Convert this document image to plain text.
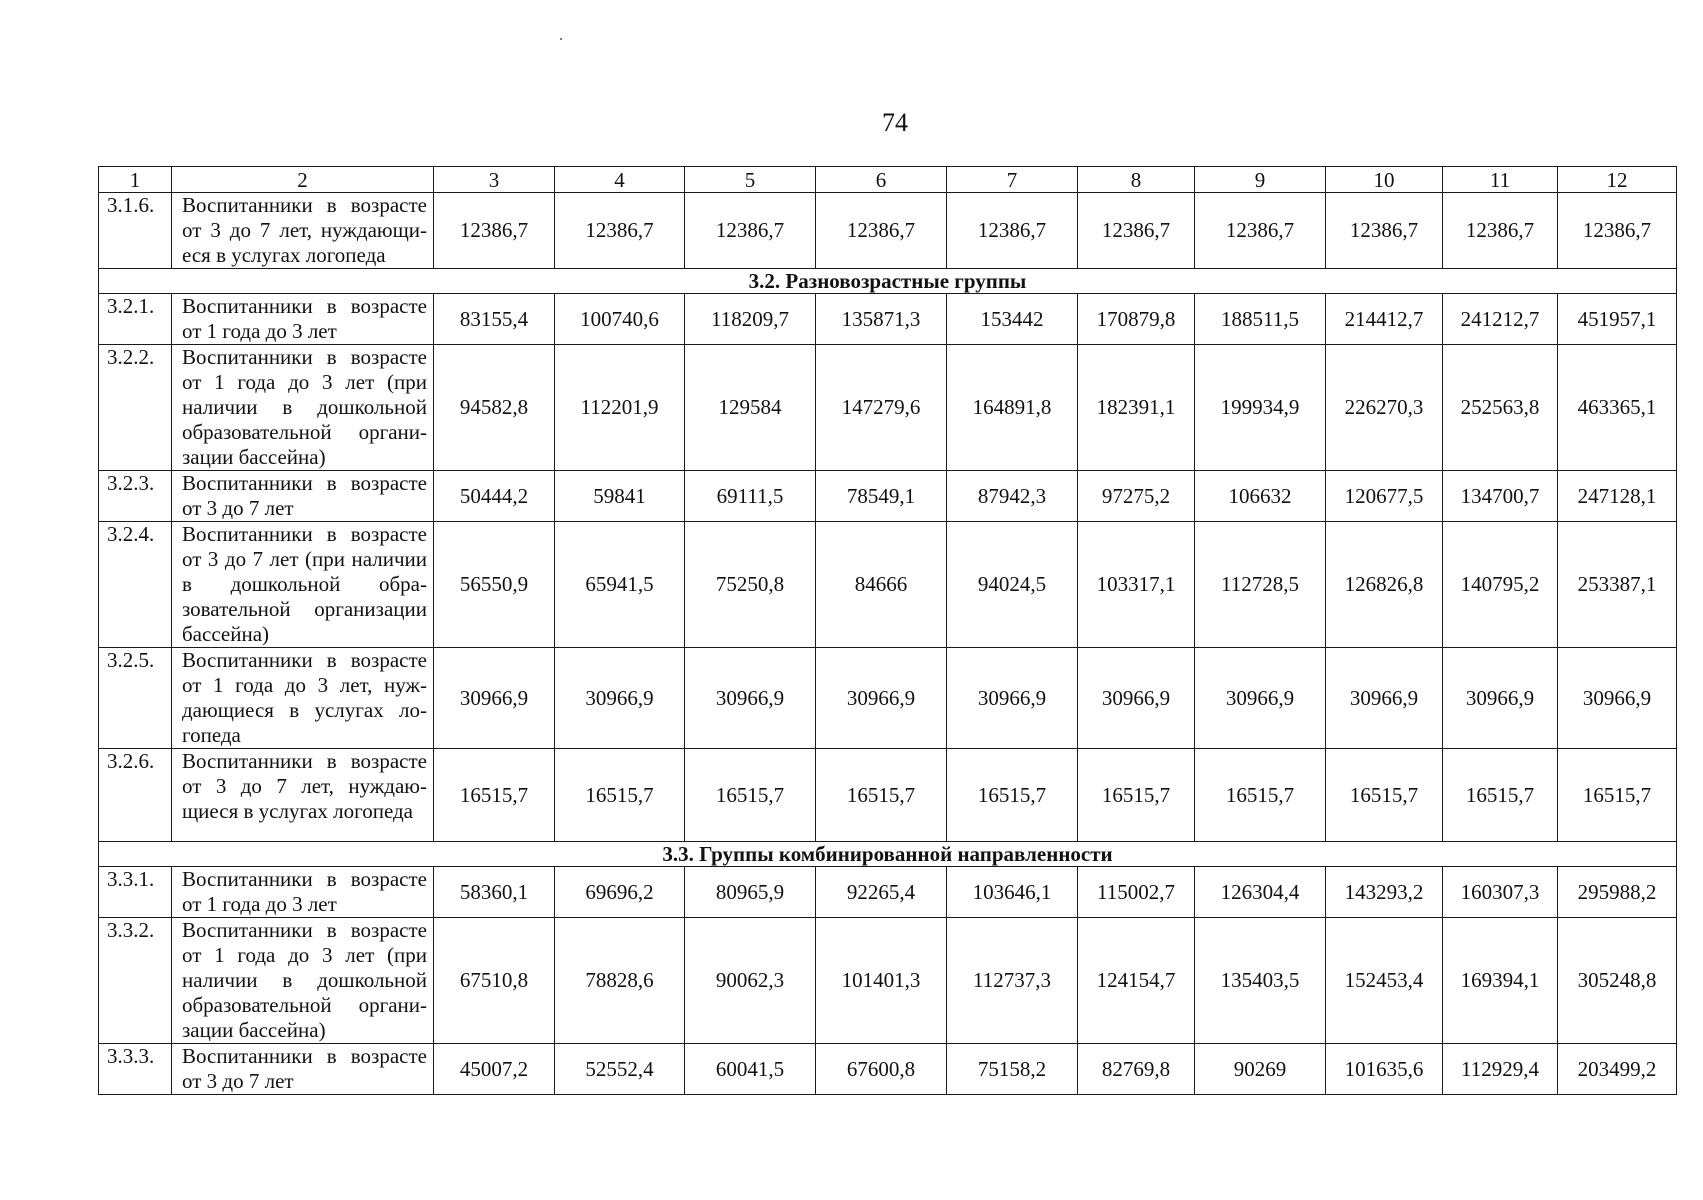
74
1	2	3	4	5	6	7	8	9	10	11	12
3.1.6.	Воспитанники в возрасте от 3 до 7 лет, нуждающиеся в услугах логопеда	12386,7	12386,7	12386,7	12386,7	12386,7	12386,7	12386,7	12386,7	12386,7	12386,7
3.2. Разновозрастные группы											
3.2.1.	Воспитанники в возрасте от 1 года до 3 лет	83155,4	100740,6	118209,7	135871,3	153442	170879,8	188511,5	214412,7	241212,7	451957,1
3.2.2.	Воспитанники в возрасте от 1 года до 3 лет (при наличии в дошкольной образовательной организации бассейна)	94582,8	112201,9	129584	147279,6	164891,8	182391,1	199934,9	226270,3	252563,8	463365,1
3.2.3.	Воспитанники в возрасте от 3 до 7 лет	50444,2	59841	69111,5	78549,1	87942,3	97275,2	106632	120677,5	134700,7	247128,1
3.2.4.	Воспитанники в возрасте от 3 до 7 лет (при наличии в дошкольной образовательной организации бассейна)	56550,9	65941,5	75250,8	84666	94024,5	103317,1	112728,5	126826,8	140795,2	253387,1
3.2.5.	Воспитанники в возрасте от 1 года до 3 лет, нуждающиеся в услугах логопеда	30966,9	30966,9	30966,9	30966,9	30966,9	30966,9	30966,9	30966,9	30966,9	30966,9
3.2.6.	Воспитанники в возрасте от 3 до 7 лет, нуждающиеся в услугах логопеда	16515,7	16515,7	16515,7	16515,7	16515,7	16515,7	16515,7	16515,7	16515,7	16515,7
3.3. Группы комбинированной направленности											
3.3.1.	Воспитанники в возрасте от 1 года до 3 лет	58360,1	69696,2	80965,9	92265,4	103646,1	115002,7	126304,4	143293,2	160307,3	295988,2
3.3.2.	Воспитанники в возрасте от 1 года до 3 лет (при наличии в дошкольной образовательной организации бассейна)	67510,8	78828,6	90062,3	101401,3	112737,3	124154,7	135403,5	152453,4	169394,1	305248,8
3.3.3.	Воспитанники в возрасте от 3 до 7 лет	45007,2	52552,4	60041,5	67600,8	75158,2	82769,8	90269	101635,6	112929,4	203499,2
